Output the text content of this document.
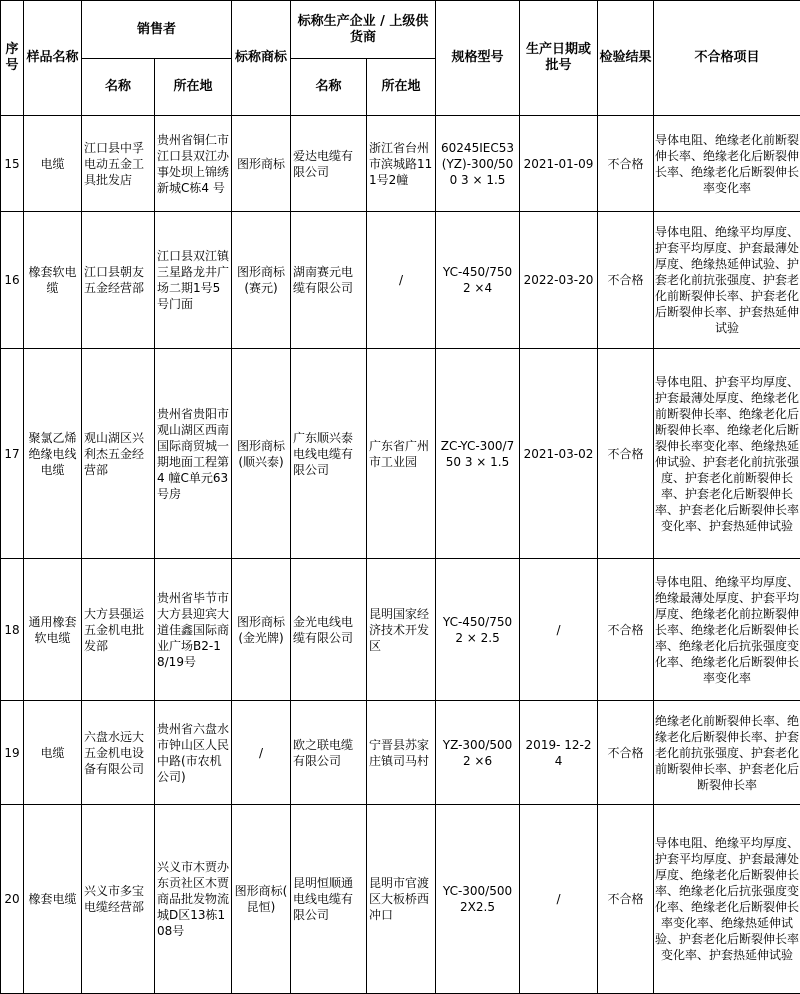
序号	样品名称	销售者		标称商标	标称生产企业 / 上级供货商		规格型号	生产日期或批号	检验结果	不合格项目
		名称	所在地		名称	所在地				
15	电缆	江口县中孚电动五金工具批发店	贵州省铜仁市江口县双江办事处坝上锦绣新城C栋4 号	图形商标	爱达电缆有限公司	浙江省台州市滨城路111号2幢	60245IEC53(YZ)-300/500 3 × 1.5	2021-01-09	不合格	导体电阻、绝缘老化前断裂伸长率、绝缘老化后断裂伸长率、绝缘老化后断裂伸长率变化率
16	橡套软电缆	江口县朝友五金经营部	江口县双江镇三星路龙井广场二期1号5号门面	图形商标(赛元)	湖南赛元电缆有限公司	/	YC-450/750 2 ×4	2022-03-20	不合格	导体电阻、绝缘平均厚度、护套平均厚度、护套最薄处厚度、绝缘热延伸试验、护套老化前抗张强度、护套老化前断裂伸长率、护套老化后断裂伸长率、护套热延伸试验
17	聚氯乙烯绝缘电线电缆	观山湖区兴利杰五金经营部	贵州省贵阳市观山湖区西南国际商贸城一期地面工程第4 幢C单元63号房	图形商标(顺兴泰)	广东顺兴泰电线电缆有限公司	广东省广州市工业园	ZC-YC-300/750 3 × 1.5	2021-03-02	不合格	导体电阻、护套平均厚度、护套最薄处厚度、绝缘老化前断裂伸长率、绝缘老化后断裂伸长率、绝缘老化后断裂伸长率变化率、绝缘热延伸试验、护套老化前抗张强度、护套老化前断裂伸长率、护套老化后断裂伸长率、护套老化后断裂伸长率变化率、护套热延伸试验
18	通用橡套软电缆	大方县强运五金机电批发部	贵州省毕节市大方县迎宾大道佳鑫国际商业广场B2-18/19号	图形商标(金光牌)	金光电线电缆有限公司	昆明国家经济技术开发区	YC-450/750 2 × 2.5	/	不合格	导体电阻、绝缘平均厚度、绝缘最薄处厚度、护套平均厚度、绝缘老化前拉断裂伸长率、绝缘老化后断裂伸长率、绝缘老化后抗张强度变化率、绝缘老化后断裂伸长率变化率
19	电缆	六盘水远大五金机电设备有限公司	贵州省六盘水市钟山区人民中路(市农机公司)	/	欧之联电缆有限公司	宁晋县苏家庄镇司马村	YZ-300/500 2 ×6	2019- 12-24	不合格	绝缘老化前断裂伸长率、绝缘老化后断裂伸长率、护套老化前抗张强度、护套老化前断裂伸长率、护套老化后断裂伸长率
20	橡套电缆	兴义市多宝电缆经营部	兴义市木贾办东贡社区木贾商品批发物流城D区13栋108号	图形商标( 昆恒)	昆明恒顺通电线电缆有限公司	昆明市官渡区大板桥西冲口	YC-300/500 2X2.5	/	不合格	导体电阻、绝缘平均厚度、护套平均厚度、护套最薄处厚度、绝缘老化后断裂伸长率、绝缘老化后抗张强度变化率、绝缘老化后断裂伸长率变化率、绝缘热延伸试验、护套老化后断裂伸长率变化率、护套热延伸试验
